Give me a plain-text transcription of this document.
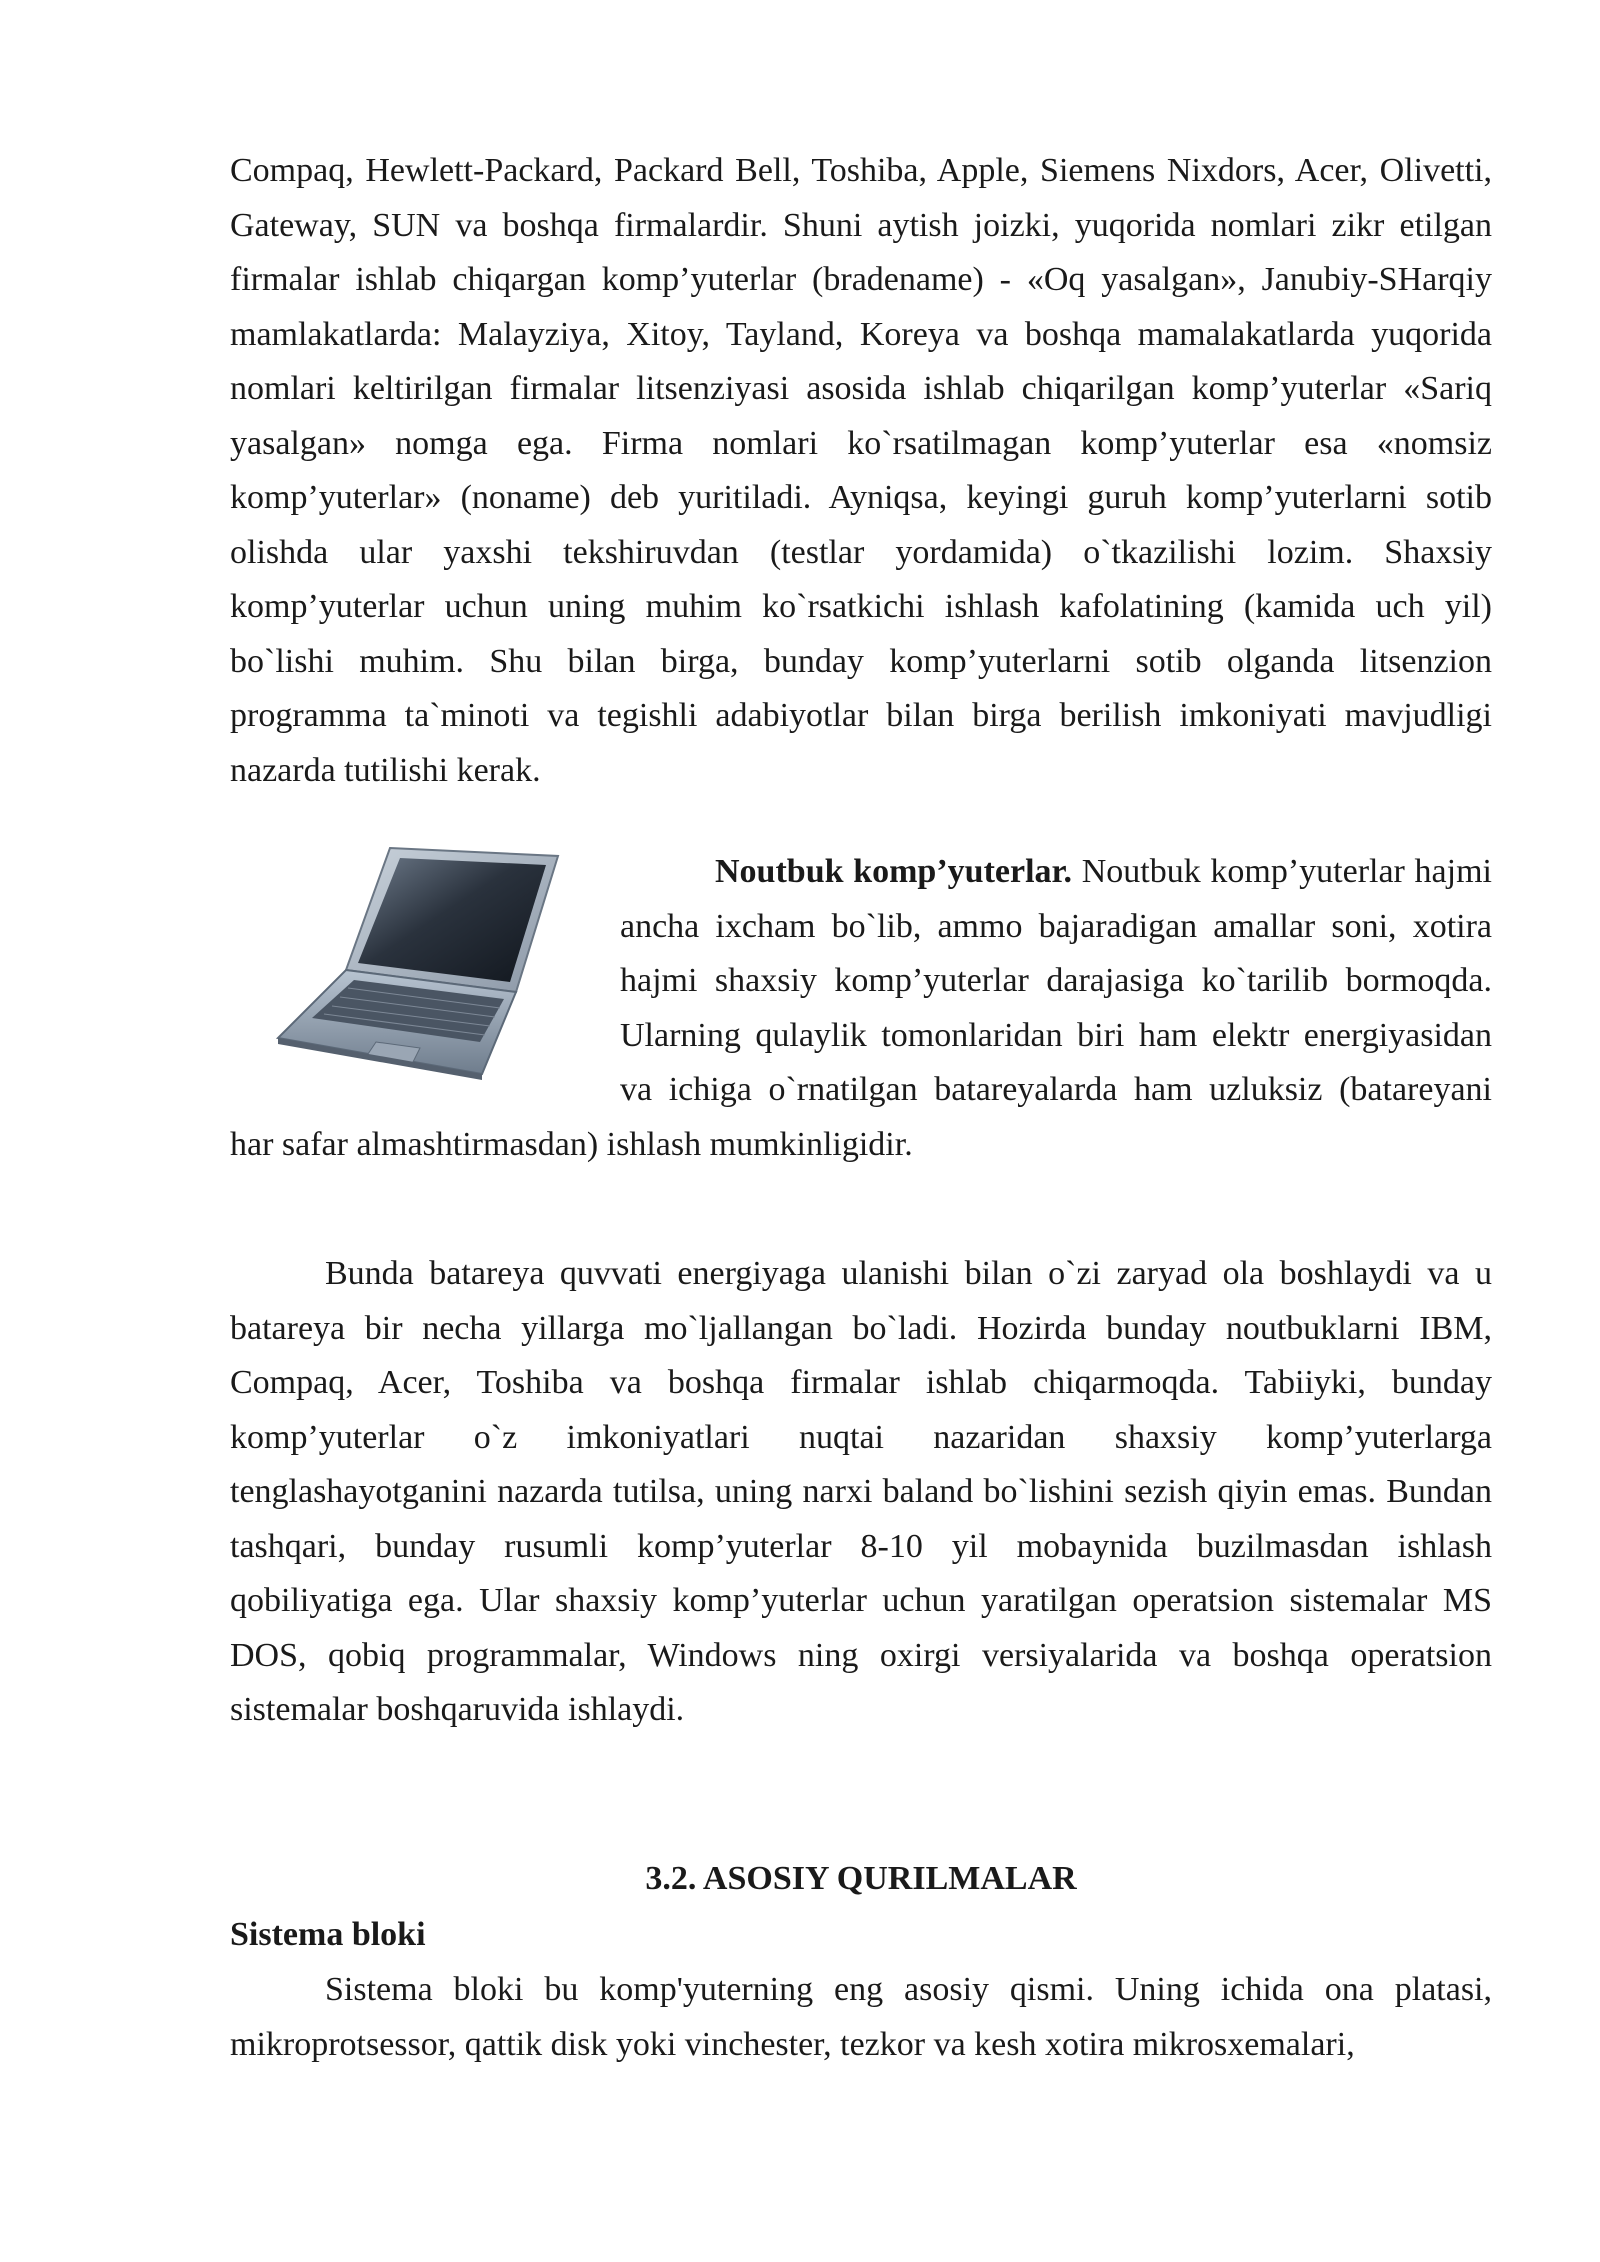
Compaq, Hewlett-Packard, Packard Bell, Toshiba, Apple, Siemens Nixdors, Acer, Olivetti, Gateway, SUN va boshqa firmalardir. Shuni aytish joizki, yuqorida nomlari zikr etilgan firmalar ishlab chiqargan komp’yuterlar (bradename) - «Oq yasalgan», Janubiy-SHarqiy mamlakatlarda: Malayziya, Xitoy, Tayland, Koreya va boshqa mamalakatlarda yuqorida nomlari keltirilgan firmalar litsenziyasi asosida ishlab chiqarilgan komp’yuterlar «Sariq yasalgan» nomga ega. Firma nomlari ko`rsatilmagan komp’yuterlar esa «nomsiz komp’yuterlar» (noname) deb yuritiladi. Ayniqsa, keyingi guruh komp’yuterlarni sotib olishda ular yaxshi tekshiruvdan (testlar yordamida) o`tkazilishi lozim. Shaxsiy komp’yuterlar uchun uning muhim ko`rsatkichi ishlash kafolatining (kamida uch yil) bo`lishi muhim. Shu bilan birga, bunday komp’yuterlarni sotib olganda litsenzion programma ta`minoti va tegishli adabiyotlar bilan birga berilish imkoniyati mavjudligi nazarda tutilishi kerak.

Noutbuk komp’yuterlar. Noutbuk komp’yuterlar hajmi ancha ixcham bo`lib, ammo bajaradigan amallar soni, xotira hajmi shaxsiy komp’yuterlar darajasiga ko`tarilib bormoqda. Ularning qulaylik tomonlaridan biri ham elektr energiyasidan va ichiga o`rnatilgan batareyalarda ham uzluksiz (batareyani har safar almashtirmasdan) ishlash mumkinligidir.

Bunda batareya quvvati energiyaga ulanishi bilan o`zi zaryad ola boshlaydi va u batareya bir necha yillarga mo`ljallangan bo`ladi. Hozirda bunday noutbuklarni IBM, Compaq, Acer, Toshiba va boshqa firmalar ishlab chiqarmoqda. Tabiiyki, bunday komp’yuterlar o`z imkoniyatlari nuqtai nazaridan shaxsiy komp’yuterlarga tenglashayotganini nazarda tutilsa, uning narxi baland bo`lishini sezish qiyin emas. Bundan tashqari, bunday rusumli komp’yuterlar 8-10 yil mobaynida buzilmasdan ishlash qobiliyatiga ega. Ular shaxsiy komp’yuterlar uchun yaratilgan operatsion sistemalar MS DOS, qobiq programmalar, Windows ning oxirgi versiyalarida va boshqa operatsion sistemalar boshqaruvida ishlaydi.

3.2. ASOSIY QURILMALAR
Sistema bloki

Sistema bloki bu komp'yuterning eng asosiy qismi. Uning ichida ona platasi, mikroprotsessor, qattik disk yoki vinchester, tezkor va kesh xotira mikrosxemalari,
